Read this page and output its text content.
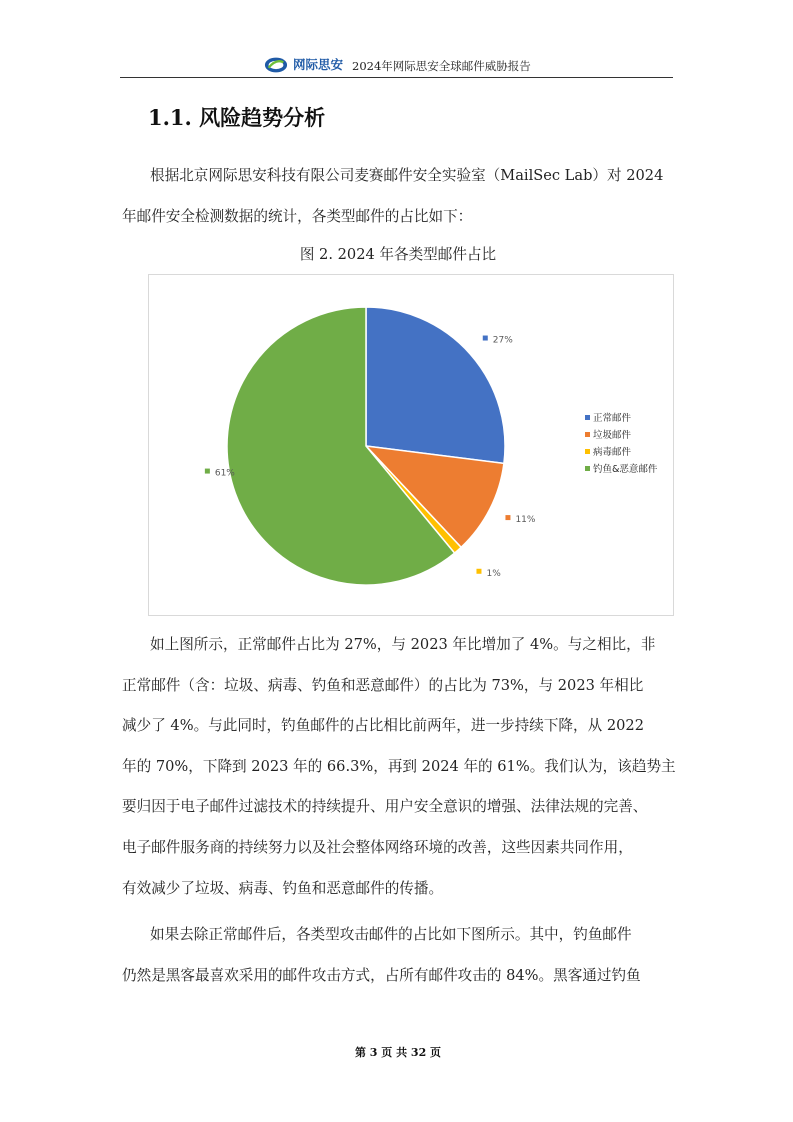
网际思安 2024年网际思安全球邮件威胁报告
1.1. 风险趋势分析
根据北京网际思安科技有限公司麦赛邮件安全实验室（MailSec Lab）对 2024
年邮件安全检测数据的统计，各类型邮件的占比如下：
图 2. 2024 年各类型邮件占比
27%
11%
1%
61%
正常邮件
垃圾邮件
病毒邮件
钓鱼&恶意邮件
如上图所示，正常邮件占比为 27%，与 2023 年比增加了 4%。与之相比，非
正常邮件（含：垃圾、病毒、钓鱼和恶意邮件）的占比为 73%，与 2023 年相比
减少了 4%。与此同时，钓鱼邮件的占比相比前两年，进一步持续下降，从 2022
年的 70%，下降到 2023 年的 66.3%，再到 2024 年的 61%。我们认为，该趋势主
要归因于电子邮件过滤技术的持续提升、用户安全意识的增强、法律法规的完善、
电子邮件服务商的持续努力以及社会整体网络环境的改善，这些因素共同作用，
有效减少了垃圾、病毒、钓鱼和恶意邮件的传播。
如果去除正常邮件后，各类型攻击邮件的占比如下图所示。其中，钓鱼邮件
仍然是黑客最喜欢采用的邮件攻击方式，占所有邮件攻击的 84%。黑客通过钓鱼
第 3 页 共 32 页
